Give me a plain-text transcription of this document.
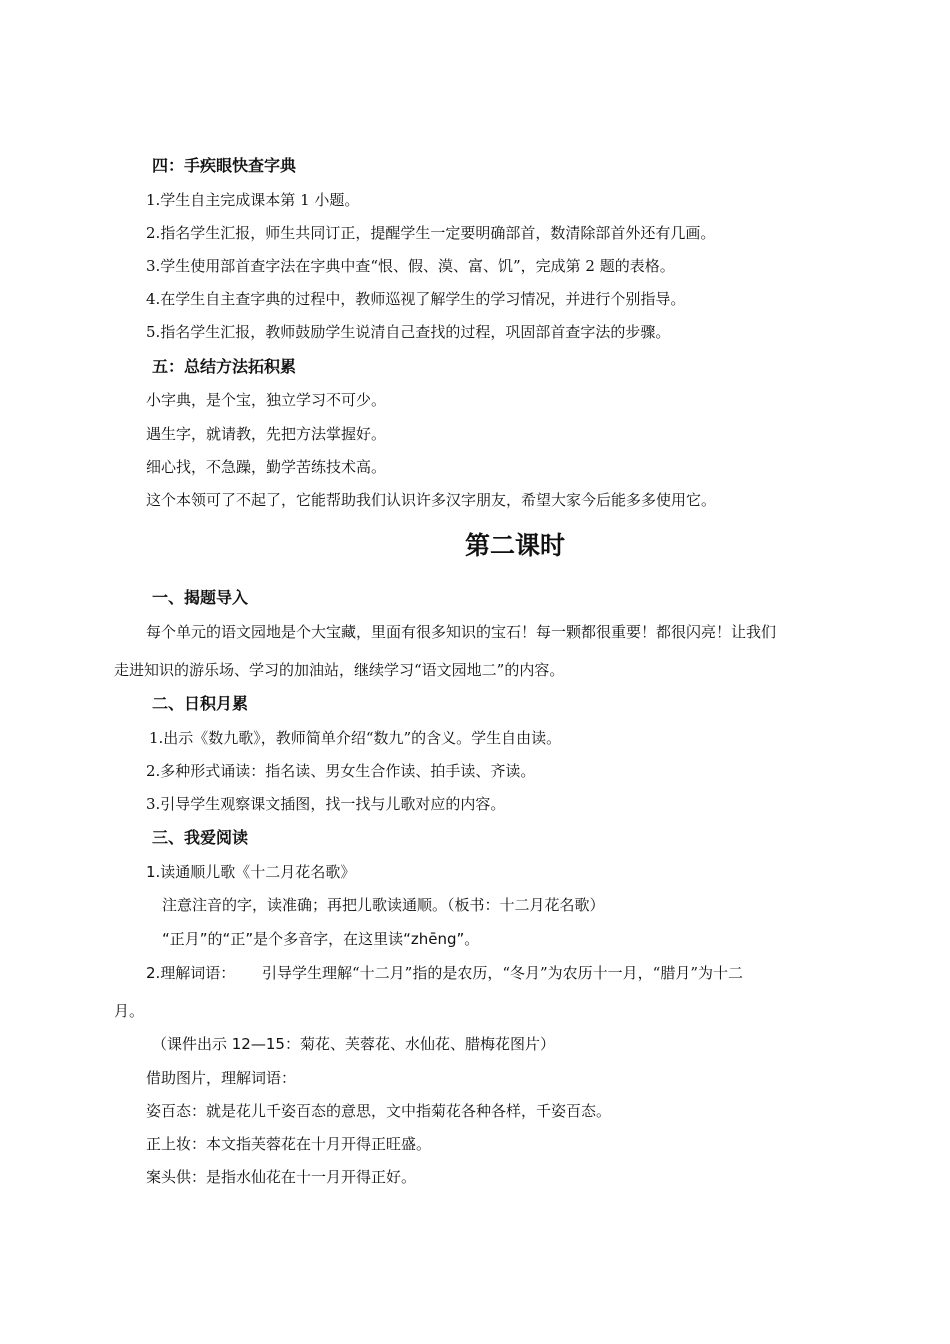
四：手疾眼快查字典
1.学生自主完成课本第 1 小题。
2.指名学生汇报，师生共同订正，提醒学生一定要明确部首，数清除部首外还有几画。
3.学生使用部首查字法在字典中查“恨、假、漠、富、饥”，完成第 2 题的表格。
4.在学生自主查字典的过程中，教师巡视了解学生的学习情况，并进行个别指导。
5.指名学生汇报，教师鼓励学生说清自己查找的过程，巩固部首查字法的步骤。
五：总结方法拓积累
小字典，是个宝，独立学习不可少。
遇生字，就请教，先把方法掌握好。
细心找，不急躁，勤学苦练技术高。
这个本领可了不起了，它能帮助我们认识许多汉字朋友，希望大家今后能多多使用它。
第二课时
一、揭题导入
每个单元的语文园地是个大宝藏，里面有很多知识的宝石！每一颗都很重要！都很闪亮！让我们
走进知识的游乐场、学习的加油站，继续学习“语文园地二”的内容。
二、日积月累
1.出示《数九歌》，教师简单介绍“数九”的含义。学生自由读。
2.多种形式诵读：指名读、男女生合作读、拍手读、齐读。
3.引导学生观察课文插图，找一找与儿歌对应的内容。
三、我爱阅读
1.读通顺儿歌《十二月花名歌》
注意注音的字，读准确；再把儿歌读通顺。（板书：十二月花名歌）
“正月”的“正”是个多音字，在这里读“zhēng”。
2.理解词语： 引导学生理解“十二月”指的是农历，“冬月”为农历十一月，“腊月”为十二
月。
（课件出示 12—15：菊花、芙蓉花、水仙花、腊梅花图片）
借助图片，理解词语：
姿百态：就是花儿千姿百态的意思，文中指菊花各种各样，千姿百态。
正上妆：本文指芙蓉花在十月开得正旺盛。
案头供：是指水仙花在十一月开得正好。
